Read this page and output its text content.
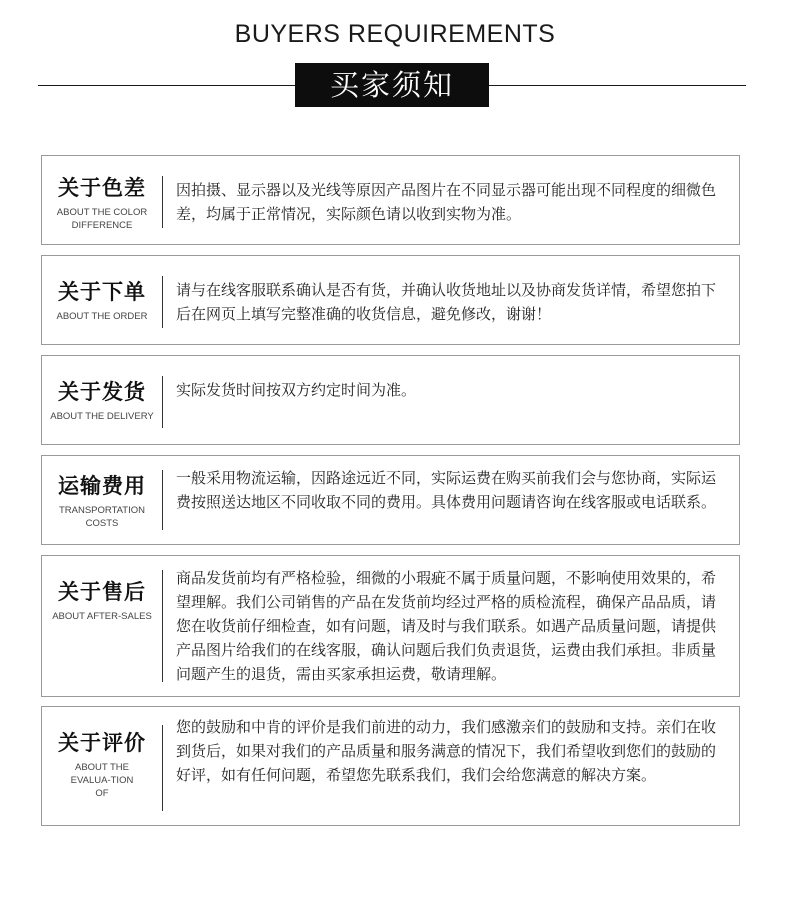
BUYERS REQUIREMENTS
买家须知
关于色差
ABOUT THE COLOR DIFFERENCE
因拍摄、显示器以及光线等原因产品图片在不同显示器可能出现不同程度的细微色差，均属于正常情况，实际颜色请以收到实物为准。
关于下单
ABOUT THE ORDER
请与在线客服联系确认是否有货，并确认收货地址以及协商发货详情，希望您拍下后在网页上填写完整准确的收货信息，避免修改，谢谢！
关于发货
ABOUT THE DELIVERY
实际发货时间按双方约定时间为准。
运输费用
TRANSPORTATION COSTS
一般采用物流运输，因路途远近不同，实际运费在购买前我们会与您协商，实际运费按照送达地区不同收取不同的费用。具体费用问题请咨询在线客服或电话联系。
关于售后
ABOUT AFTER-SALES
商品发货前均有严格检验，细微的小瑕疵不属于质量问题，不影响使用效果的，希望理解。我们公司销售的产品在发货前均经过严格的质检流程，确保产品品质，请您在收货前仔细检查，如有问题，请及时与我们联系。如遇产品质量问题，请提供产品图片给我们的在线客服，确认问题后我们负责退货，运费由我们承担。非质量问题产生的退货，需由买家承担运费，敬请理解。
关于评价
ABOUT THE EVALUA-TION OF
您的鼓励和中肯的评价是我们前进的动力，我们感激亲们的鼓励和支持。亲们在收到货后，如果对我们的产品质量和服务满意的情况下，我们希望收到您们的鼓励的好评，如有任何问题，希望您先联系我们，我们会给您满意的解决方案。
